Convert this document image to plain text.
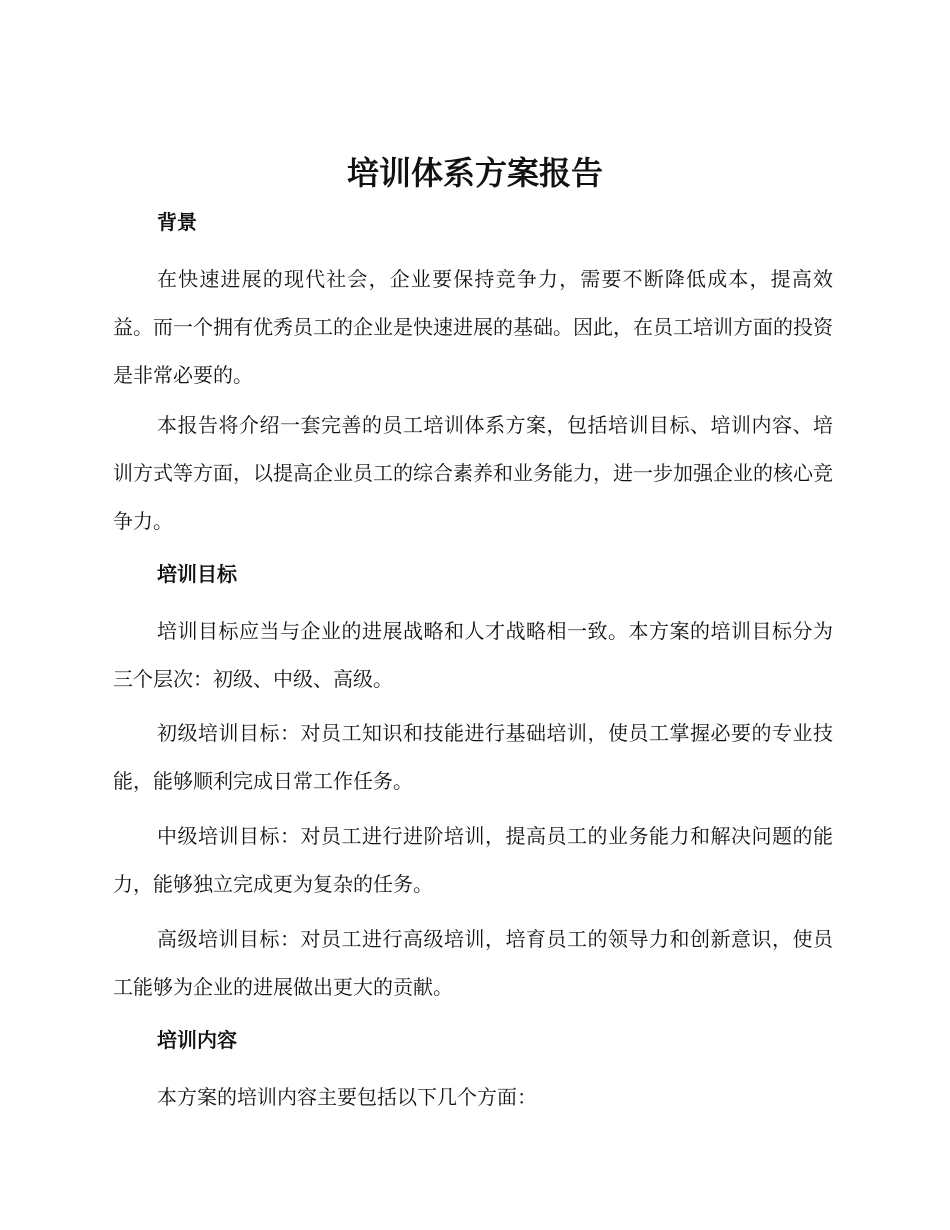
培训体系方案报告
背景

在快速进展的现代社会，企业要保持竞争力，需要不断降低成本，提高效益。而一个拥有优秀员工的企业是快速进展的基础。因此，在员工培训方面的投资是非常必要的。

本报告将介绍一套完善的员工培训体系方案，包括培训目标、培训内容、培训方式等方面，以提高企业员工的综合素养和业务能力，进一步加强企业的核心竞争力。

培训目标

培训目标应当与企业的进展战略和人才战略相一致。本方案的培训目标分为三个层次：初级、中级、高级。

初级培训目标：对员工知识和技能进行基础培训，使员工掌握必要的专业技能，能够顺利完成日常工作任务。

中级培训目标：对员工进行进阶培训，提高员工的业务能力和解决问题的能力，能够独立完成更为复杂的任务。

高级培训目标：对员工进行高级培训，培育员工的领导力和创新意识，使员工能够为企业的进展做出更大的贡献。

培训内容

本方案的培训内容主要包括以下几个方面：
